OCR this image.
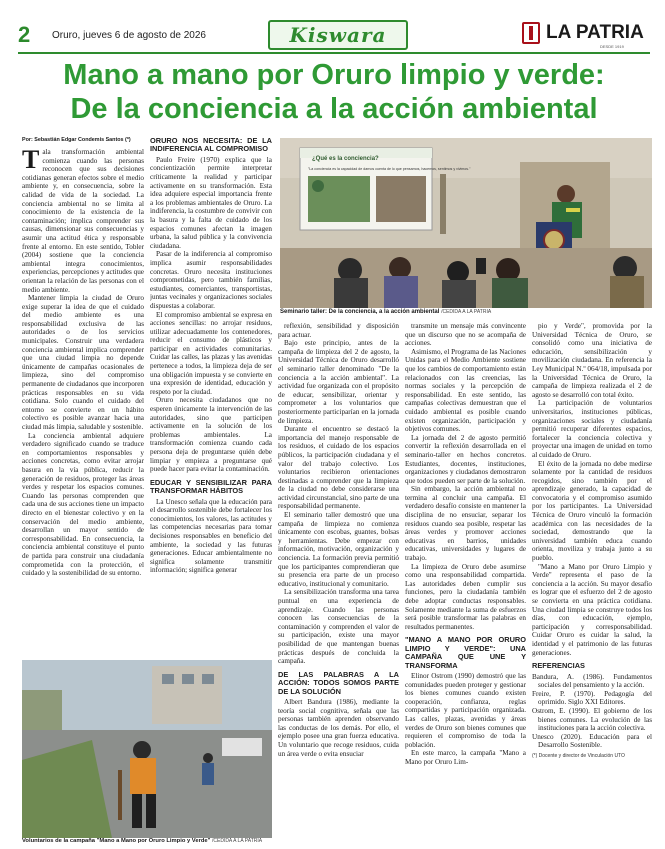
2 Oruro, jueves 6 de agosto de 2026	Kiswara	LA PATRIA
DESDE 1919
Mano a mano por Oruro limpio y verde:
De la conciencia a la acción ambiental
Por: Sebastián Edgar Condemis Santos (*)

Tala transformación ambiental comienza cuando las personas reconocen que sus decisiones cotidianas generan efectos sobre el medio ambiente y, en consecuencia, sobre la calidad de vida de la sociedad. La conciencia ambiental no se limita al conocimiento de la existencia de la contaminación; implica comprender sus causas, dimensionar sus consecuencias y asumir una actitud ética y responsable frente al entorno. En este sentido, Tobler (2004) sostiene que la conciencia ambiental integra conocimientos, experiencias, percepciones y actitudes que orientan la relación de las personas con el medio ambiente.

Mantener limpia la ciudad de Oruro exige superar la idea de que el cuidado del medio ambiente es una responsabilidad exclusiva de las autoridades o de los servicios municipales. Construir una verdadera conciencia ambiental implica comprender que una ciudad limpia no depende únicamente de campañas ocasionales de limpieza, sino del compromiso permanente de ciudadanos que incorporen prácticas responsables en su vida cotidiana. Solo cuando el cuidado del entorno se convierte en un hábito colectivo es posible avanzar hacia una ciudad más limpia, saludable y sostenible.

La conciencia ambiental adquiere verdadero significado cuando se traduce en comportamientos responsables y acciones concretas, como evitar arrojar basura en la vía pública, reducir la generación de residuos, proteger las áreas verdes y respetar los espacios comunes. Cuando las personas comprenden que cada una de sus acciones tiene un impacto directo en el bienestar colectivo y en la conservación del medio ambiente, desarrollan un mayor sentido de corresponsabilidad. En consecuencia, la conciencia ambiental constituye el punto de partida para construir una ciudadanía comprometida con la protección, el cuidado y la sostenibilidad de su entorno.

ORURO NOS NECESITA: DE LA INDIFERENCIA AL COMPROMISO

Paulo Freire (1970) explica que la concientización permite interpretar críticamente la realidad y participar activamente en su transformación. Esta idea adquiere especial importancia frente a los problemas ambientales de Oruro. La indiferencia, la costumbre de convivir con la basura y la falta de cuidado de los espacios comunes afectan la imagen urbana, la salud pública y la convivencia ciudadana.

Pasar de la indiferencia al compromiso implica asumir responsabilidades concretas. Oruro necesita instituciones comprometidas, pero también familias, estudiantes, comerciantes, transportistas, juntas vecinales y organizaciones sociales dispuestas a colaborar.

El compromiso ambiental se expresa en acciones sencillas: no arrojar residuos, utilizar adecuadamente los contenedores, reducir el consumo de plásticos y participar en actividades comunitarias. Cuidar las calles, las plazas y las avenidas pertenece a todos, la limpieza deja de ser una obligación impuesta y se convierte en una expresión de identidad, educación y respeto por la ciudad.

Oruro necesita ciudadanos que no esperen únicamente la intervención de las autoridades, sino que participen activamente en la solución de los problemas ambientales. La transformación comienza cuando cada persona deja de preguntarse quién debe limpiar y empieza a preguntarse qué puede hacer para evitar la contaminación.

EDUCAR Y SENSIBILIZAR PARA TRANSFORMAR HÁBITOS

La Unesco señala que la educación para el desarrollo sostenible debe fortalecer los conocimientos, los valores, las actitudes y las competencias necesarias para tomar decisiones responsables en beneficio del ambiente, la sociedad y las futuras generaciones. Educar ambientalmente no significa solamente transmitir información; significa generar

¿Qué es la conciencia?
"La conciencia es la capacidad de darnos cuenta de lo que pensamos, hacemos, sentimos y vivimos."
Seminario taller: De la conciencia, a la acción ambiental /CEDIDA A LA PATRIA

reflexión, sensibilidad y disposición para actuar.

Bajo este principio, antes de la campaña de limpieza del 2 de agosto, la Universidad Técnica de Oruro desarrolló el seminario taller denominado "De la conciencia a la acción ambiental". La actividad fue organizada con el propósito de educar, sensibilizar, orientar y comprometer a los voluntarios que posteriormente participarían en la jornada de limpieza.

Durante el encuentro se destacó la importancia del manejo responsable de los residuos, el cuidado de los espacios públicos, la participación ciudadana y el valor del trabajo colectivo. Los voluntarios recibieron orientaciones destinadas a comprender que la limpieza de la ciudad no debe considerarse una actividad circunstancial, sino parte de una responsabilidad permanente.

El seminario taller demostró que una campaña de limpieza no comienza únicamente con escobas, guantes, bolsas y herramientas. Debe empezar con información, motivación, organización y conciencia. La formación previa permitió que los participantes comprendieran que su presencia era parte de un proceso educativo, institucional y comunitario.

La sensibilización transforma una tarea puntual en una experiencia de aprendizaje. Cuando las personas conocen las consecuencias de la contaminación y comprenden el valor de su participación, existe una mayor posibilidad de que mantengan buenas prácticas después de concluida la campaña.

DE LAS PALABRAS A LA ACCIÓN: TODOS SOMOS PARTE DE LA SOLUCIÓN

Albert Bandura (1986), mediante la teoría social cognitiva, señala que las personas también aprenden observando las conductas de los demás. Por ello, el ejemplo posee una gran fuerza educativa. Un voluntario que recoge residuos, cuida un área verde o evita ensuciar

transmite un mensaje más convincente que un discurso que no se acompaña de acciones.

Asimismo, el Programa de las Naciones Unidas para el Medio Ambiente sostiene que los cambios de comportamiento están relacionados con las creencias, las normas sociales y la percepción de responsabilidad. En este sentido, las campañas colectivas demuestran que el cuidado ambiental es posible cuando existen organización, participación y objetivos comunes.

La jornada del 2 de agosto permitió convertir la reflexión desarrollada en el seminario-taller en hechos concretos. Estudiantes, docentes, instituciones, organizaciones y ciudadanos demostraron que todos pueden ser parte de la solución.

Sin embargo, la acción ambiental no termina al concluir una campaña. El verdadero desafío consiste en mantener la disciplina de no ensuciar, separar los residuos cuando sea posible, respetar las áreas verdes y promover acciones educativas en barrios, unidades educativas, universidades y lugares de trabajo.

La limpieza de Oruro debe asumirse como una responsabilidad compartida. Las autoridades deben cumplir sus funciones, pero la ciudadanía también debe adoptar conductas responsables. Solamente mediante la suma de esfuerzos será posible transformar las palabras en resultados permanentes.

"MANO A MANO POR ORURO LIMPIO Y VERDE": UNA CAMPAÑA QUE UNE Y TRANSFORMA

Elinor Ostrom (1990) demostró que las comunidades pueden proteger y gestionar los bienes comunes cuando existen cooperación, confianza, reglas compartidas y participación organizada. Las calles, plazas, avenidas y áreas verdes de Oruro son bienes comunes que requieren el compromiso de toda la población.

En este marco, la campaña "Mano a Mano por Oruro Lim-

pio y Verde", promovida por la Universidad Técnica de Oruro, se consolidó como una iniciativa de educación, sensibilización y movilización ciudadana. En referencia la Ley Municipal N.º 064/18, impulsada por la Universidad Técnica de Oruro, la campaña de limpieza realizada el 2 de agosto se desarrolló con total éxito.

La participación de voluntarios universitarios, instituciones públicas, organizaciones sociales y ciudadanía permitió recuperar diferentes espacios, fortalecer la conciencia colectiva y proyectar una imagen de unidad en torno al cuidado de Oruro.

El éxito de la jornada no debe medirse solamente por la cantidad de residuos recogidos, sino también por el aprendizaje generado, la capacidad de convocatoria y el compromiso asumido por los participantes. La Universidad Técnica de Oruro vinculó la formación académica con las necesidades de la sociedad, demostrando que la universidad también educa cuando orienta, moviliza y trabaja junto a su pueblo.

"Mano a Mano por Oruro Limpio y Verde" representa el paso de la conciencia a la acción. Su mayor desafío es lograr que el esfuerzo del 2 de agosto se convierta en una práctica cotidiana. Una ciudad limpia se construye todos los días, con educación, ejemplo, participación y corresponsabilidad. Cuidar Oruro es cuidar la salud, la identidad y el patrimonio de las futuras generaciones.

REFERENCIAS

Bandura, A. (1986). Fundamentos sociales del pensamiento y la acción.

Freire, P. (1970). Pedagogía del oprimido. Siglo XXI Editores.

Ostrom, E. (1990). El gobierno de los bienes comunes. La evolución de las instituciones para la acción colectiva.

Unesco (2020). Educación para el Desarrollo Sostenible.

(*) Docente y director de Vinculación UTO
Voluntarios de la campaña "Mano a Mano por Oruro Limpio y Verde" /CEDIDA A LA PATRIA
